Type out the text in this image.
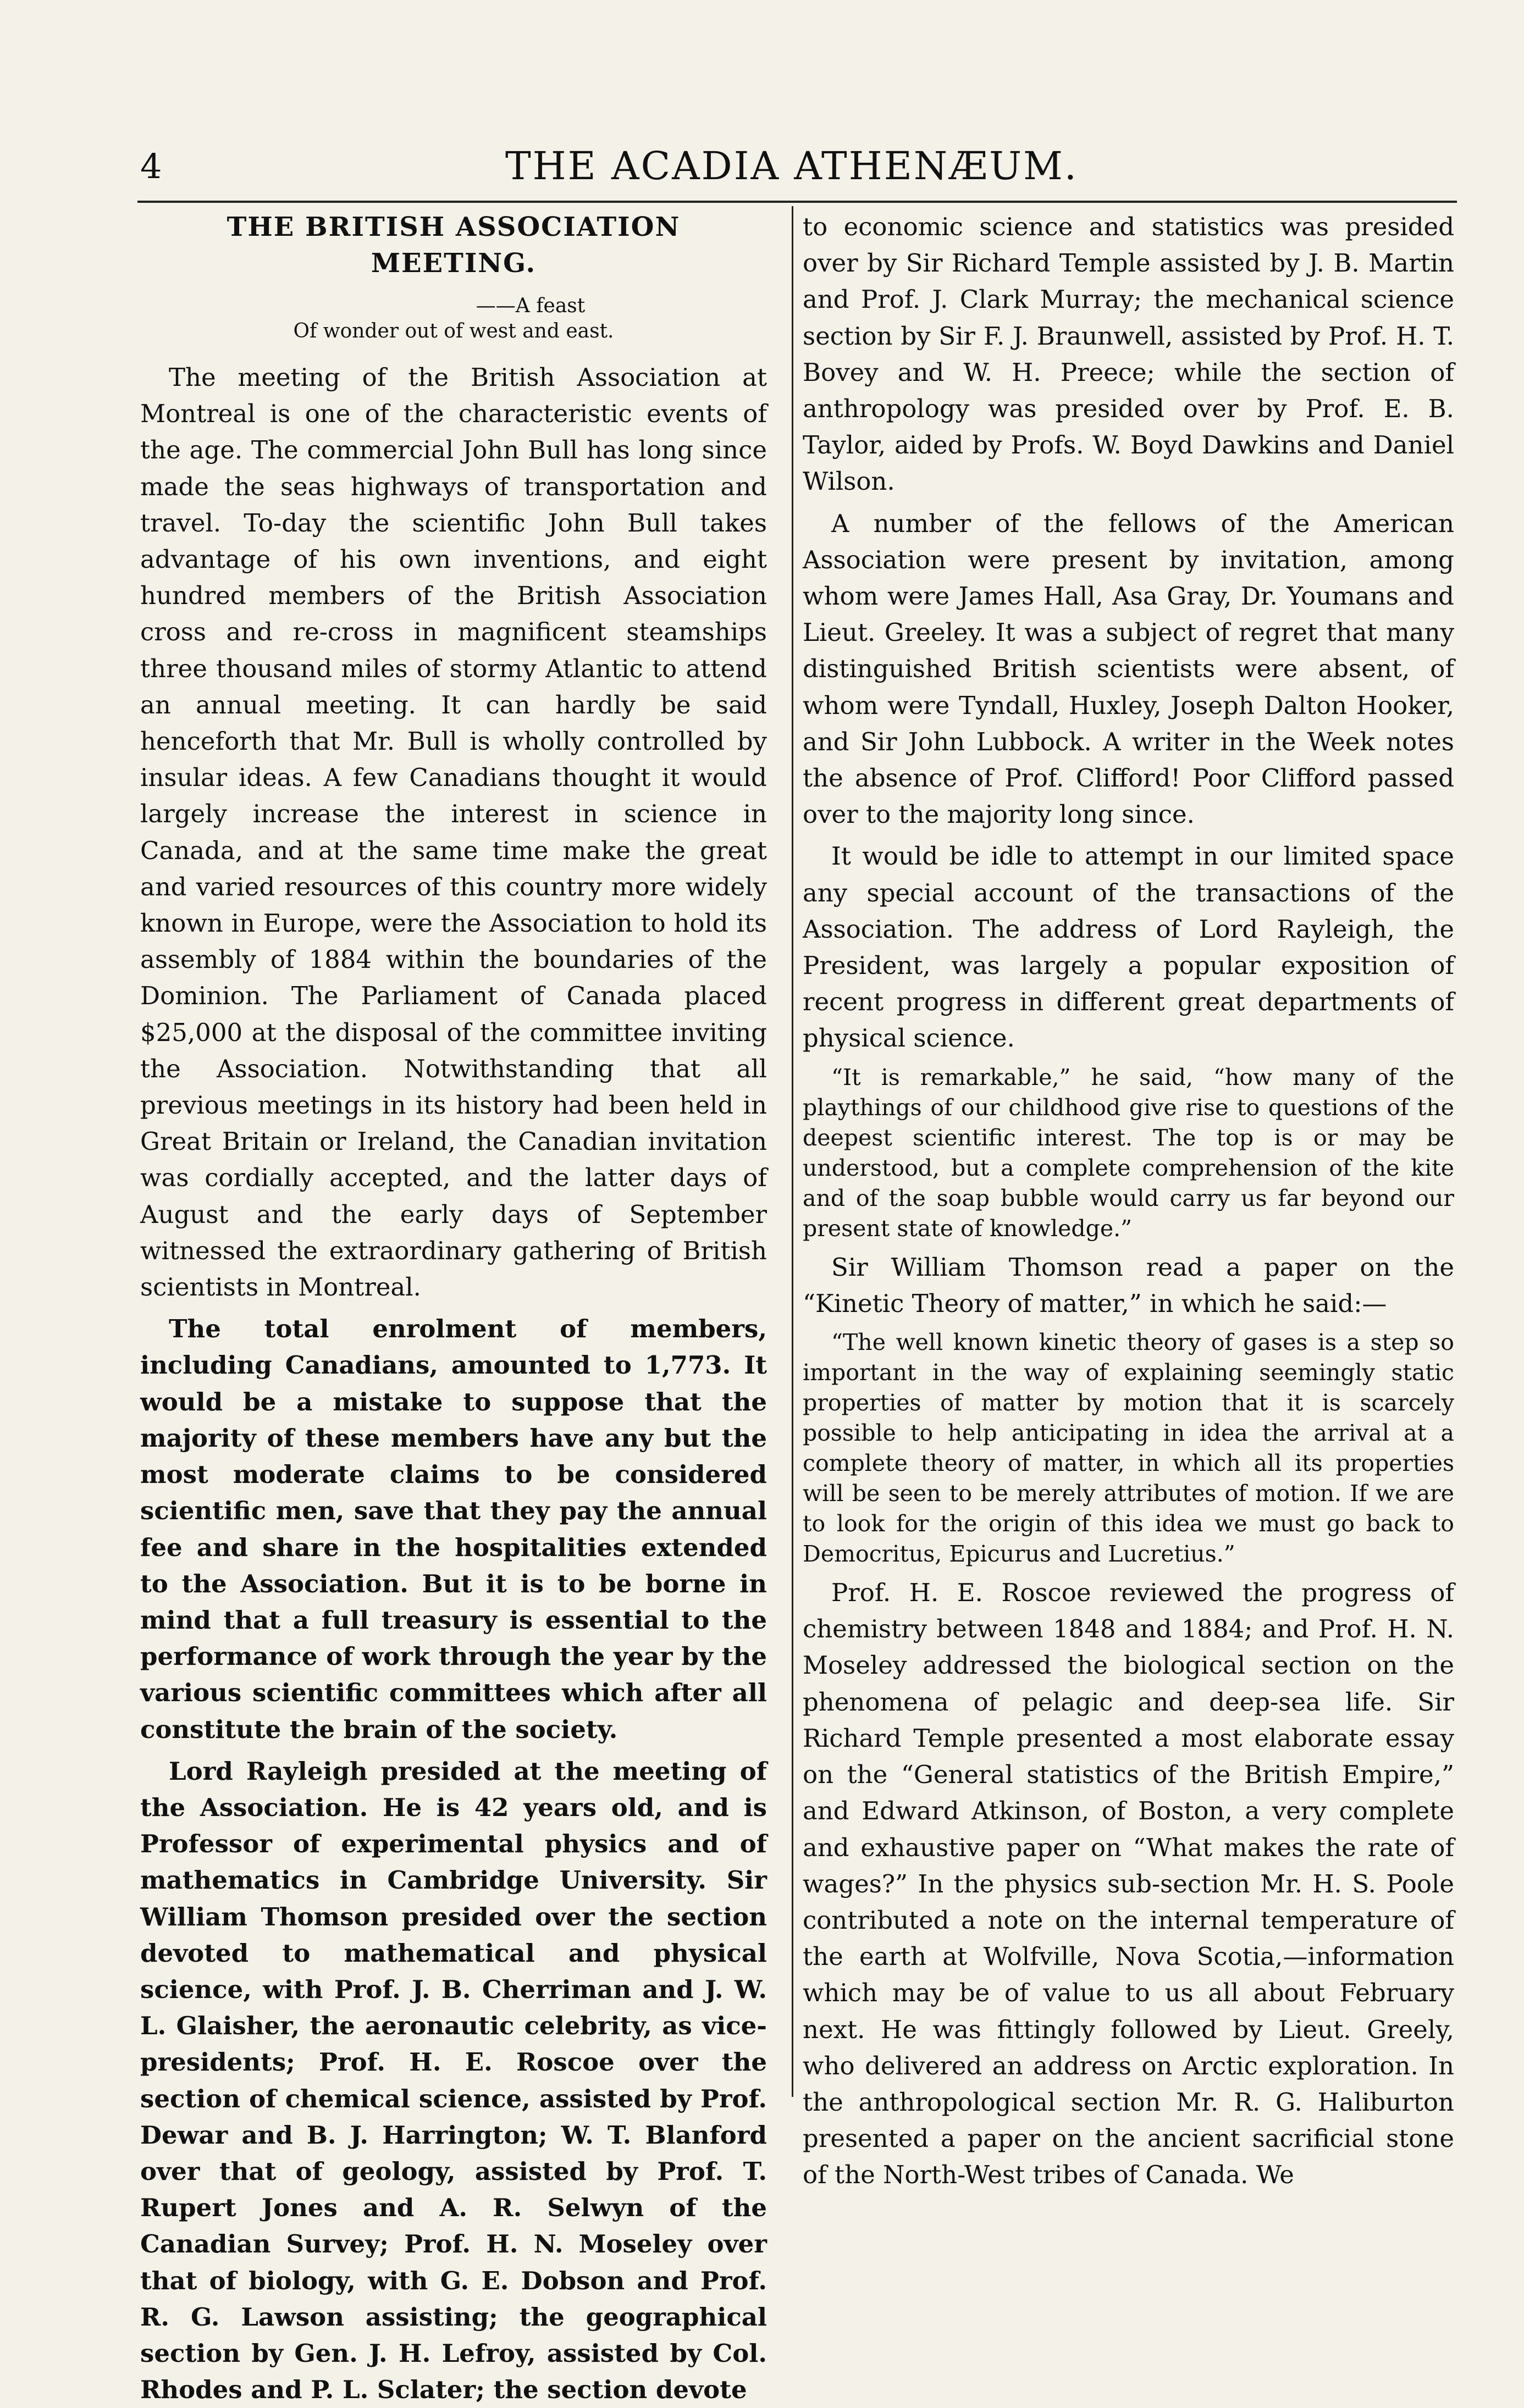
4	THE ACADIA ATHENÆUM.
THE BRITISH ASSOCIATION MEETING.
——A feast
Of wonder out of west and east.

The meeting of the British Association at Montreal is one of the characteristic events of the age. The commercial John Bull has long since made the seas highways of transportation and travel. To-day the scientific John Bull takes advantage of his own inventions, and eight hundred members of the British Association cross and re-cross in magnificent steamships three thousand miles of stormy Atlantic to attend an annual meeting. It can hardly be said henceforth that Mr. Bull is wholly controlled by insular ideas. A few Canadians thought it would largely increase the interest in science in Canada, and at the same time make the great and varied resources of this country more widely known in Europe, were the Association to hold its assembly of 1884 within the boundaries of the Dominion. The Parliament of Canada placed $25,000 at the disposal of the committee inviting the Association. Notwithstanding that all previous meetings in its history had been held in Great Britain or Ireland, the Canadian invitation was cordially accepted, and the latter days of August and the early days of September witnessed the extraordinary gathering of British scientists in Montreal.

The total enrolment of members, including Canadians, amounted to 1,773. It would be a mistake to suppose that the majority of these members have any but the most moderate claims to be considered scientific men, save that they pay the annual fee and share in the hospitalities extended to the Association. But it is to be borne in mind that a full treasury is essential to the performance of work through the year by the various scientific committees which after all constitute the brain of the society.

Lord Rayleigh presided at the meeting of the Association. He is 42 years old, and is Professor of experimental physics and of mathematics in Cambridge University. Sir William Thomson presided over the section devoted to mathematical and physical science, with Prof. J. B. Cherriman and J. W. L. Glaisher, the aeronautic celebrity, as vice-presidents; Prof. H. E. Roscoe over the section of chemical science, assisted by Prof. Dewar and B. J. Harrington; W. T. Blanford over that of geology, assisted by Prof. T. Rupert Jones and A. R. Selwyn of the Canadian Survey; Prof. H. N. Moseley over that of biology, with G. E. Dobson and Prof. R. G. Lawson assisting; the geographical section by Gen. J. H. Lefroy, assisted by Col. Rhodes and P. L. Sclater; the section devote

to economic science and statistics was presided over by Sir Richard Temple assisted by J. B. Martin and Prof. J. Clark Murray; the mechanical science section by Sir F. J. Braunwell, assisted by Prof. H. T. Bovey and W. H. Preece; while the section of anthropology was presided over by Prof. E. B. Taylor, aided by Profs. W. Boyd Dawkins and Daniel Wilson.

A number of the fellows of the American Association were present by invitation, among whom were James Hall, Asa Gray, Dr. Youmans and Lieut. Greeley. It was a subject of regret that many distinguished British scientists were absent, of whom were Tyndall, Huxley, Joseph Dalton Hooker, and Sir John Lubbock. A writer in the Week notes the absence of Prof. Clifford! Poor Clifford passed over to the majority long since.

It would be idle to attempt in our limited space any special account of the transactions of the Association. The address of Lord Rayleigh, the President, was largely a popular exposition of recent progress in different great departments of physical science.

“It is remarkable,” he said, “how many of the playthings of our childhood give rise to questions of the deepest scientific interest. The top is or may be understood, but a complete comprehension of the kite and of the soap bubble would carry us far beyond our present state of knowledge.”

Sir William Thomson read a paper on the “Kinetic Theory of matter,” in which he said:—

“The well known kinetic theory of gases is a step so important in the way of explaining seemingly static properties of matter by motion that it is scarcely possible to help anticipating in idea the arrival at a complete theory of matter, in which all its properties will be seen to be merely attributes of motion. If we are to look for the origin of this idea we must go back to Democritus, Epicurus and Lucretius.”

Prof. H. E. Roscoe reviewed the progress of chemistry between 1848 and 1884; and Prof. H. N. Moseley addressed the biological section on the phenomena of pelagic and deep-sea life. Sir Richard Temple presented a most elaborate essay on the “General statistics of the British Empire,” and Edward Atkinson, of Boston, a very complete and exhaustive paper on “What makes the rate of wages?” In the physics sub-section Mr. H. S. Poole contributed a note on the internal temperature of the earth at Wolfville, Nova Scotia,—information which may be of value to us all about February next. He was fittingly followed by Lieut. Greely, who delivered an address on Arctic exploration. In the anthropological section Mr. R. G. Haliburton presented a paper on the ancient sacrificial stone of the North-West tribes of Canada. We
